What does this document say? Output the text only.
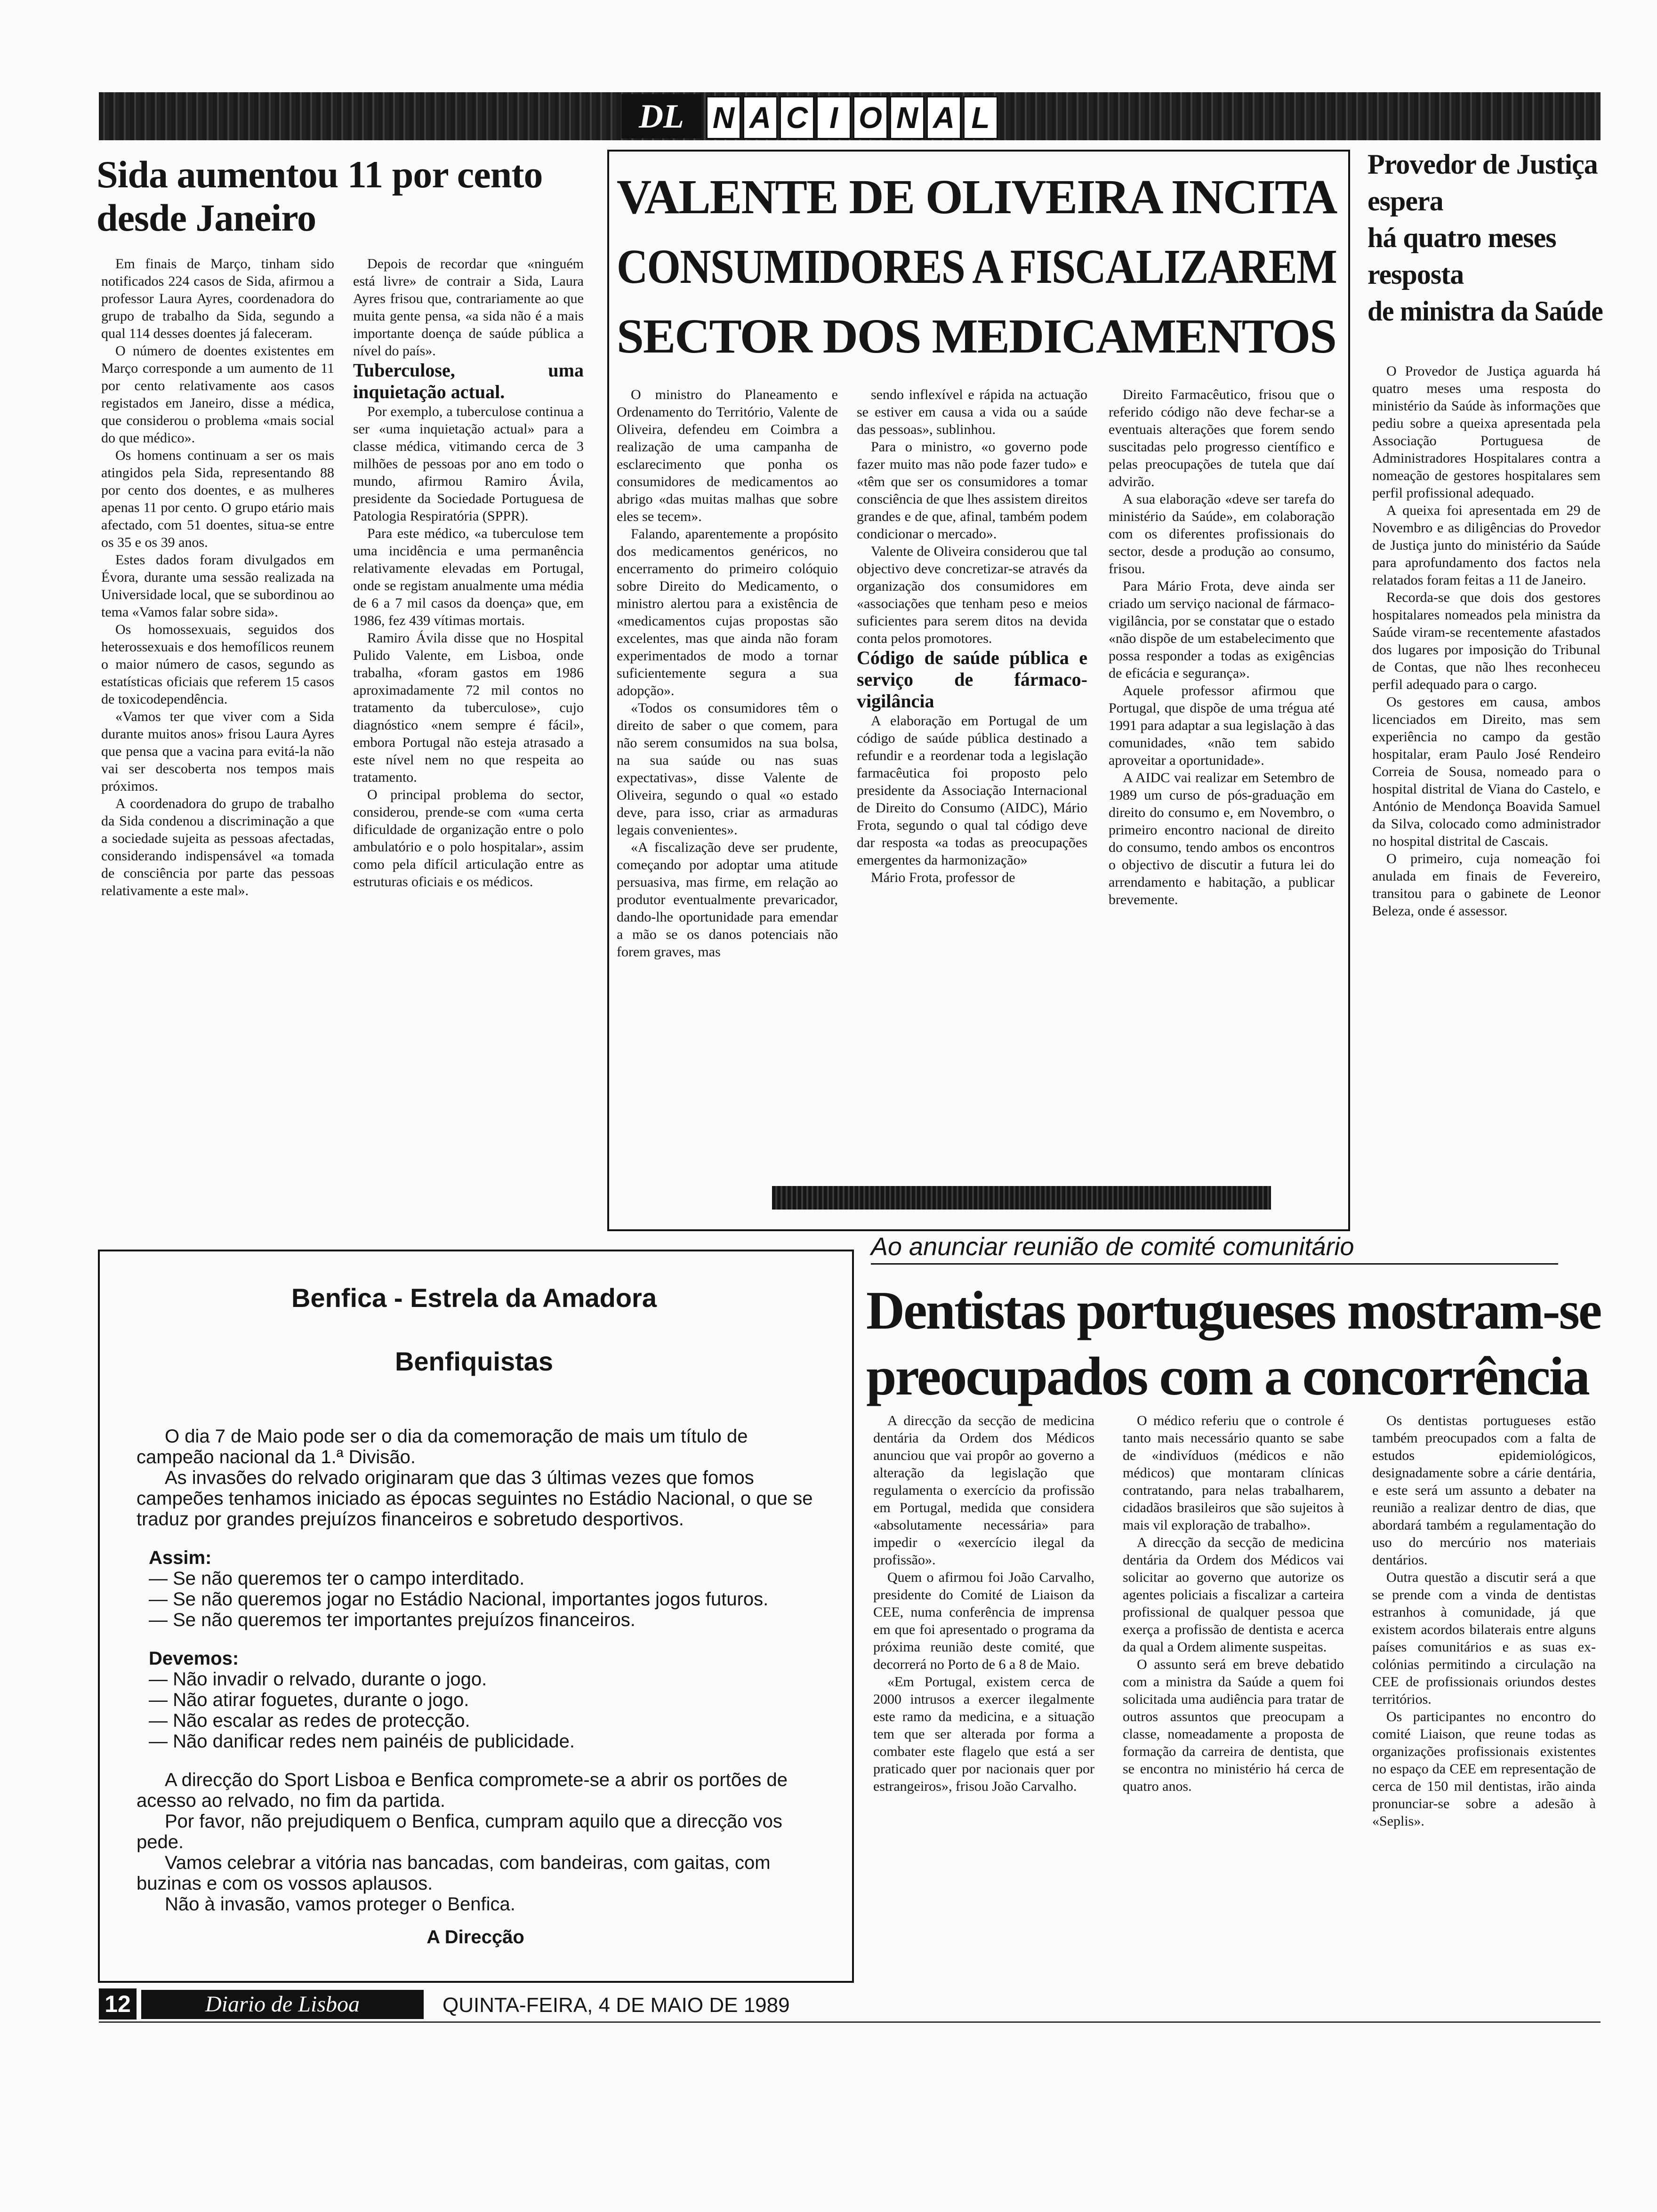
DL N A C I O N A L
Sida aumentou 11 por cento
desde Janeiro

Em finais de Março, tinham sido notificados 224 casos de Sida, afirmou a professor Laura Ayres, coordenadora do grupo de trabalho da Sida, segundo a qual 114 desses doentes já faleceram.

O número de doentes existentes em Março corresponde a um aumento de 11 por cento relativamente aos casos registados em Janeiro, disse a médica, que considerou o problema «mais social do que médico».

Os homens continuam a ser os mais atingidos pela Sida, representando 88 por cento dos doentes, e as mulheres apenas 11 por cento. O grupo etário mais afectado, com 51 doentes, situa-se entre os 35 e os 39 anos.

Estes dados foram divulgados em Évora, durante uma sessão realizada na Universidade local, que se subordinou ao tema «Vamos falar sobre sida».

Os homossexuais, seguidos dos heterossexuais e dos hemofílicos reunem o maior número de casos, segundo as estatísticas oficiais que referem 15 casos de toxicodependência.

«Vamos ter que viver com a Sida durante muitos anos» frisou Laura Ayres que pensa que a vacina para evitá-la não vai ser descoberta nos tempos mais próximos.

A coordenadora do grupo de trabalho da Sida condenou a discriminação a que a sociedade sujeita as pessoas afectadas, considerando indispensável «a tomada de consciência por parte das pessoas relativamente a este mal».

Depois de recordar que «ninguém está livre» de contrair a Sida, Laura Ayres frisou que, contrariamente ao que muita gente pensa, «a sida não é a mais importante doença de saúde pública a nível do país».

Tuberculose, uma inquietação actual.

Por exemplo, a tuberculose continua a ser «uma inquietação actual» para a classe médica, vitimando cerca de 3 milhões de pessoas por ano em todo o mundo, afirmou Ramiro Ávila, presidente da Sociedade Portuguesa de Patologia Respiratória (SPPR).

Para este médico, «a tuberculose tem uma incidência e uma permanência relativamente elevadas em Portugal, onde se registam anualmente uma média de 6 a 7 mil casos da doença» que, em 1986, fez 439 vítimas mortais.

Ramiro Ávila disse que no Hospital Pulido Valente, em Lisboa, onde trabalha, «foram gastos em 1986 aproximadamente 72 mil contos no tratamento da tuberculose», cujo diagnóstico «nem sempre é fácil», embora Portugal não esteja atrasado a este nível nem no que respeita ao tratamento.

O principal problema do sector, considerou, prende-se com «uma certa dificuldade de organização entre o polo ambulatório e o polo hospitalar», assim como pela difícil articulação entre as estruturas oficiais e os médicos.

VALENTE DE OLIVEIRA INCITA
CONSUMIDORES A FISCALIZAREM
SECTOR DOS MEDICAMENTOS

O ministro do Planeamento e Ordenamento do Território, Valente de Oliveira, defendeu em Coimbra a realização de uma campanha de esclarecimento que ponha os consumidores de medicamentos ao abrigo «das muitas malhas que sobre eles se tecem».

Falando, aparentemente a propósito dos medicamentos genéricos, no encerramento do primeiro colóquio sobre Direito do Medicamento, o ministro alertou para a existência de «medicamentos cujas propostas são excelentes, mas que ainda não foram experimentados de modo a tornar suficientemente segura a sua adopção».

«Todos os consumidores têm o direito de saber o que comem, para não serem consumidos na sua bolsa, na sua saúde ou nas suas expectativas», disse Valente de Oliveira, segundo o qual «o estado deve, para isso, criar as armaduras legais convenientes».

«A fiscalização deve ser prudente, começando por adoptar uma atitude persuasiva, mas firme, em relação ao produtor eventualmente prevaricador, dando-lhe oportunidade para emendar a mão se os danos potenciais não forem graves, mas

sendo inflexível e rápida na actuação se estiver em causa a vida ou a saúde das pessoas», sublinhou.

Para o ministro, «o governo pode fazer muito mas não pode fazer tudo» e «têm que ser os consumidores a tomar consciência de que lhes assistem direitos grandes e de que, afinal, também podem condicionar o mercado».

Valente de Oliveira considerou que tal objectivo deve concretizar-se através da organização dos consumidores em «associações que tenham peso e meios suficientes para serem ditos na devida conta pelos promotores.

Código de saúde pública e serviço de fármaco-vigilância

A elaboração em Portugal de um código de saúde pública destinado a refundir e a reordenar toda a legislação farmacêutica foi proposto pelo presidente da Associação Internacional de Direito do Consumo (AIDC), Mário Frota, segundo o qual tal código deve dar resposta «a todas as preocupações emergentes da harmonização»

Mário Frota, professor de

Direito Farmacêutico, frisou que o referido código não deve fechar-se a eventuais alterações que forem sendo suscitadas pelo progresso científico e pelas preocupações de tutela que daí advirão.

A sua elaboração «deve ser tarefa do ministério da Saúde», em colaboração com os diferentes profissionais do sector, desde a produção ao consumo, frisou.

Para Mário Frota, deve ainda ser criado um serviço nacional de fármaco-vigilância, por se constatar que o estado «não dispõe de um estabelecimento que possa responder a todas as exigências de eficácia e segurança».

Aquele professor afirmou que Portugal, que dispõe de uma trégua até 1991 para adaptar a sua legislação à das comunidades, «não tem sabido aproveitar a oportunidade».

A AIDC vai realizar em Setembro de 1989 um curso de pós-graduação em direito do consumo e, em Novembro, o primeiro encontro nacional de direito do consumo, tendo ambos os encontros o objectivo de discutir a futura lei do arrendamento e habitação, a publicar brevemente.

Provedor de Justiça
espera
há quatro meses
resposta
de ministra da Saúde

O Provedor de Justiça aguarda há quatro meses uma resposta do ministério da Saúde às informações que pediu sobre a queixa apresentada pela Associação Portuguesa de Administradores Hospitalares contra a nomeação de gestores hospitalares sem perfil profissional adequado.

A queixa foi apresentada em 29 de Novembro e as diligências do Provedor de Justiça junto do ministério da Saúde para aprofundamento dos factos nela relatados foram feitas a 11 de Janeiro.

Recorda-se que dois dos gestores hospitalares nomeados pela ministra da Saúde viram-se recentemente afastados dos lugares por imposição do Tribunal de Contas, que não lhes reconheceu perfil adequado para o cargo.

Os gestores em causa, ambos licenciados em Direito, mas sem experiência no campo da gestão hospitalar, eram Paulo José Rendeiro Correia de Sousa, nomeado para o hospital distrital de Viana do Castelo, e António de Mendonça Boavida Samuel da Silva, colocado como administrador no hospital distrital de Cascais.

O primeiro, cuja nomeação foi anulada em finais de Fevereiro, transitou para o gabinete de Leonor Beleza, onde é assessor.

Benfica - Estrela da Amadora
Benfiquistas
O dia 7 de Maio pode ser o dia da comemoração de mais um título de campeão nacional da 1.ª Divisão.
As invasões do relvado originaram que das 3 últimas vezes que fomos campeões tenhamos iniciado as épocas seguintes no Estádio Nacional, o que se traduz por grandes prejuízos financeiros e sobretudo desportivos.
Assim:
— Se não queremos ter o campo interditado.
— Se não queremos jogar no Estádio Nacional, importantes jogos futuros.
— Se não queremos ter importantes prejuízos financeiros.
Devemos:
— Não invadir o relvado, durante o jogo.
— Não atirar foguetes, durante o jogo.
— Não escalar as redes de protecção.
— Não danificar redes nem painéis de publicidade.
A direcção do Sport Lisboa e Benfica compromete-se a abrir os portões de acesso ao relvado, no fim da partida.
Por favor, não prejudiquem o Benfica, cumpram aquilo que a direcção vos pede.
Vamos celebrar a vitória nas bancadas, com bandeiras, com gaitas, com buzinas e com os vossos aplausos.
Não à invasão, vamos proteger o Benfica.
A Direcção
Ao anunciar reunião de comité comunitário
Dentistas portugueses mostram-se
preocupados com a concorrência

A direcção da secção de medicina dentária da Ordem dos Médicos anunciou que vai propôr ao governo a alteração da legislação que regulamenta o exercício da profissão em Portugal, medida que considera «absolutamente necessária» para impedir o «exercício ilegal da profissão».

Quem o afirmou foi João Carvalho, presidente do Comité de Liaison da CEE, numa conferência de imprensa em que foi apresentado o programa da próxima reunião deste comité, que decorrerá no Porto de 6 a 8 de Maio.

«Em Portugal, existem cerca de 2000 intrusos a exercer ilegalmente este ramo da medicina, e a situação tem que ser alterada por forma a combater este flagelo que está a ser praticado quer por nacionais quer por estrangeiros», frisou João Carvalho.

O médico referiu que o controle é tanto mais necessário quanto se sabe de «indivíduos (médicos e não médicos) que montaram clínicas contratando, para nelas trabalharem, cidadãos brasileiros que são sujeitos à mais vil exploração de trabalho».

A direcção da secção de medicina dentária da Ordem dos Médicos vai solicitar ao governo que autorize os agentes policiais a fiscalizar a carteira profissional de qualquer pessoa que exerça a profissão de dentista e acerca da qual a Ordem alimente suspeitas.

O assunto será em breve debatido com a ministra da Saúde a quem foi solicitada uma audiência para tratar de outros assuntos que preocupam a classe, nomeadamente a proposta de formação da carreira de dentista, que se encontra no ministério há cerca de quatro anos.

Os dentistas portugueses estão também preocupados com a falta de estudos epidemiológicos, designadamente sobre a cárie dentária, e este será um assunto a debater na reunião a realizar dentro de dias, que abordará também a regulamentação do uso do mercúrio nos materiais dentários.

Outra questão a discutir será a que se prende com a vinda de dentistas estranhos à comunidade, já que existem acordos bilaterais entre alguns países comunitários e as suas ex-colónias permitindo a circulação na CEE de profissionais oriundos destes territórios.

Os participantes no encontro do comité Liaison, que reune todas as organizações profissionais existentes no espaço da CEE em representação de cerca de 150 mil dentistas, irão ainda pronunciar-se sobre a adesão à «Seplis».

12	Diario de Lisboa	QUINTA-FEIRA, 4 DE MAIO DE 1989
